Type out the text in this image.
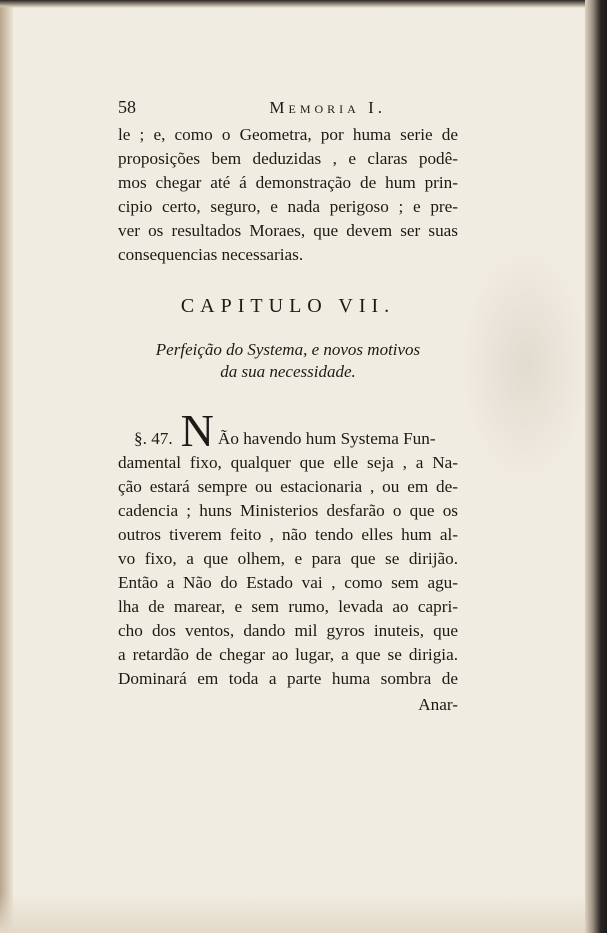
58	Memoria I.
le ; e, como o Geometra, por huma serie de
proposições bem deduzidas , e claras podê-
mos chegar até á demonstração de hum prin-
cipio certo, seguro, e nada perigoso ; e pre-
ver os resultados Moraes, que devem ser suas
consequencias necessarias.
CAPITULO VII.
Perfeição do Systema, e novos motivos
da sua necessidade.
§. 47. N Ão havendo hum Systema Fun-
damental fixo, qualquer que elle seja , a Na-
ção estará sempre ou estacionaria , ou em de-
cadencia ; huns Ministerios desfarão o que os
outros tiverem feito , não tendo elles hum al-
vo fixo, a que olhem, e para que se dirijão.
Então a Não do Estado vai , como sem agu-
lha de marear, e sem rumo, levada ao capri-
cho dos ventos, dando mil gyros inuteis, que
a retardão de chegar ao lugar, a que se dirigia.
Dominará em toda a parte huma sombra de
Anar-
